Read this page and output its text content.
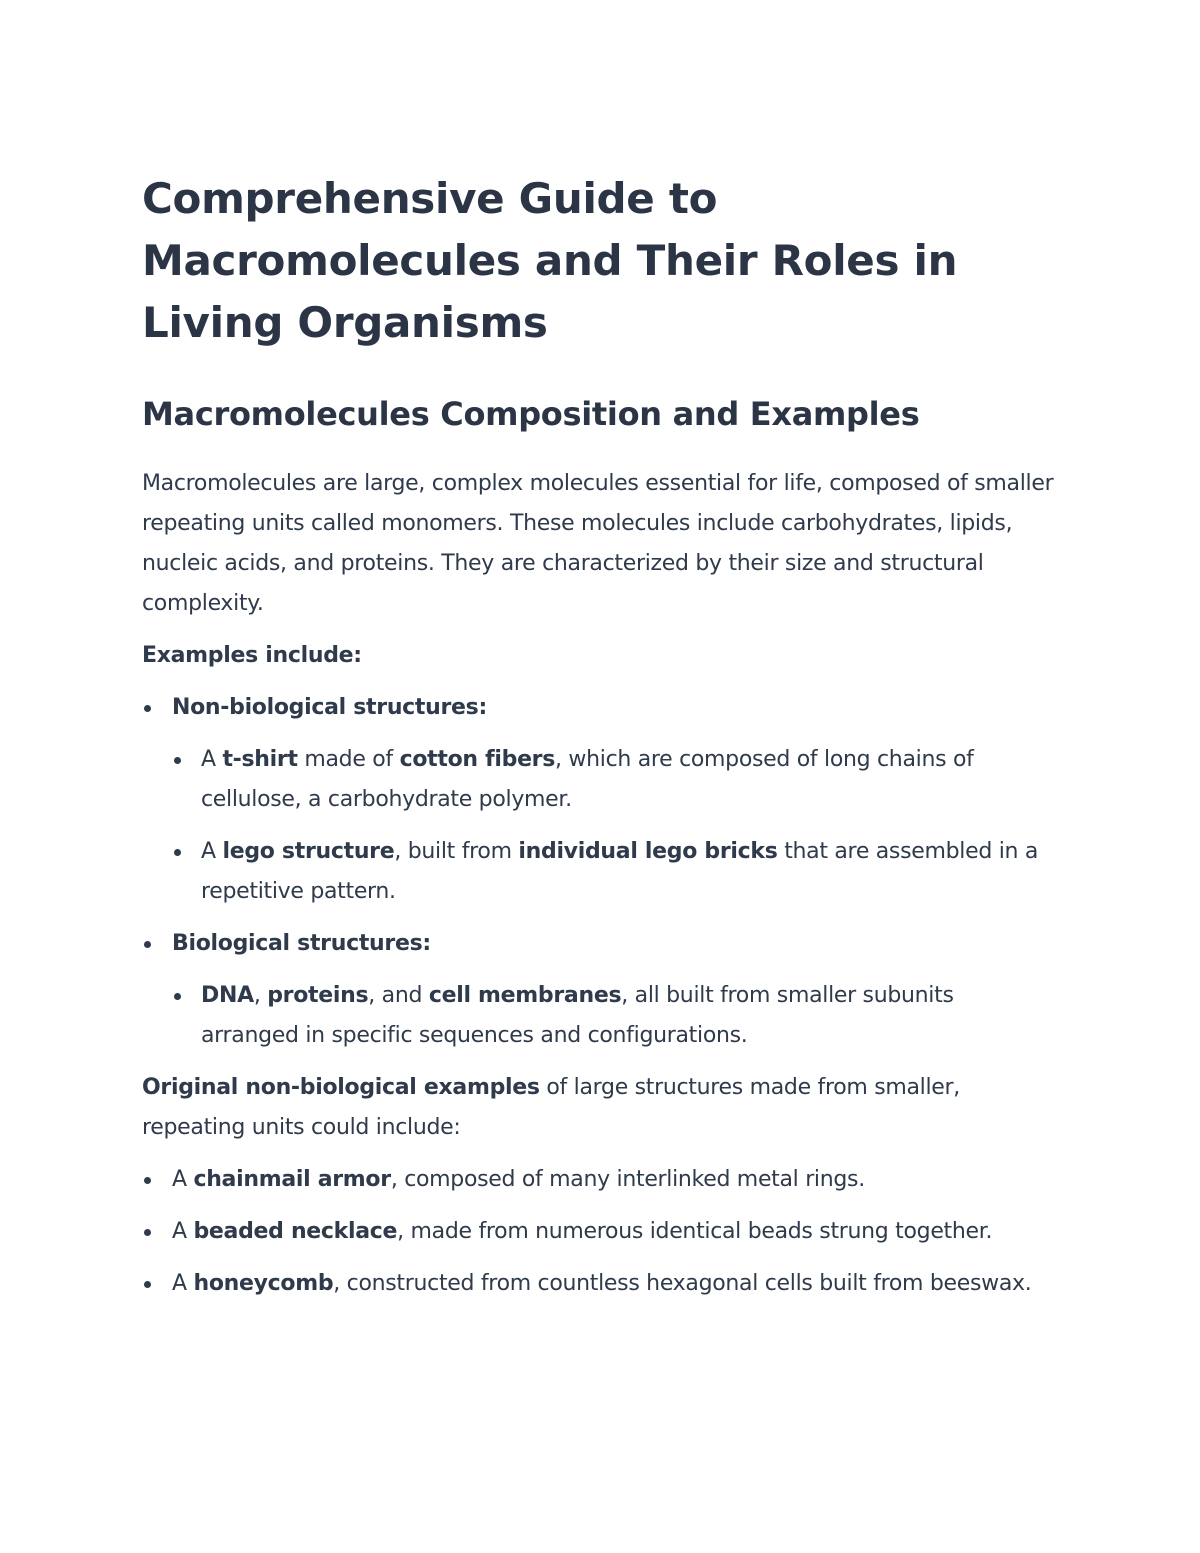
Comprehensive Guide to Macromolecules and Their Roles in Living Organisms
Macromolecules Composition and Examples

Macromolecules are large, complex molecules essential for life, composed of smaller repeating units called monomers. These molecules include carbohydrates, lipids, nucleic acids, and proteins. They are characterized by their size and structural complexity.

Examples include:

Non-biological structures:
A t-shirt made of cotton fibers, which are composed of long chains of cellulose, a carbohydrate polymer.
A lego structure, built from individual lego bricks that are assembled in a repetitive pattern.
Biological structures:
DNA, proteins, and cell membranes, all built from smaller subunits arranged in specific sequences and configurations.

Original non-biological examples of large structures made from smaller, repeating units could include:

A chainmail armor, composed of many interlinked metal rings.
A beaded necklace, made from numerous identical beads strung together.
A honeycomb, constructed from countless hexagonal cells built from beeswax.
